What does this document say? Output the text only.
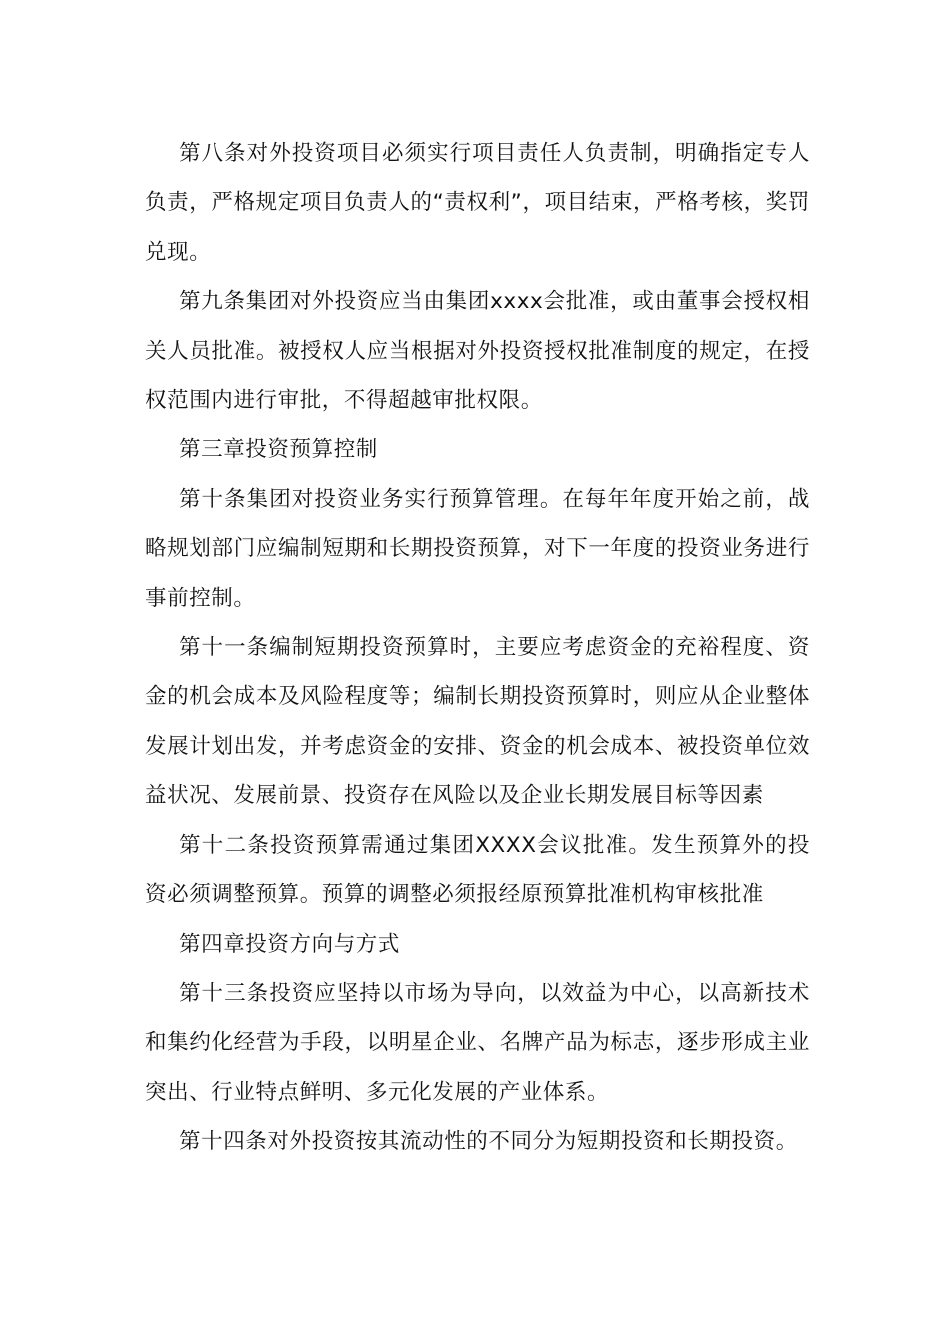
第八条对外投资项目必须实行项目责任人负责制，明确指定专人负责，严格规定项目负责人的“责权利”，项目结束，严格考核，奖罚兑现。

第九条集团对外投资应当由集团xxxx会批准，或由董事会授权相关人员批准。被授权人应当根据对外投资授权批准制度的规定，在授权范围内进行审批，不得超越审批权限。

第三章投资预算控制

第十条集团对投资业务实行预算管理。在每年年度开始之前，战略规划部门应编制短期和长期投资预算，对下一年度的投资业务进行事前控制。

第十一条编制短期投资预算时，主要应考虑资金的充裕程度、资金的机会成本及风险程度等；编制长期投资预算时，则应从企业整体发展计划出发，并考虑资金的安排、资金的机会成本、被投资单位效益状况、发展前景、投资存在风险以及企业长期发展目标等因素

第十二条投资预算需通过集团XXXX会议批准。发生预算外的投资必须调整预算。预算的调整必须报经原预算批准机构审核批准

第四章投资方向与方式

第十三条投资应坚持以市场为导向，以效益为中心，以高新技术和集约化经营为手段，以明星企业、名牌产品为标志，逐步形成主业突出、行业特点鲜明、多元化发展的产业体系。

第十四条对外投资按其流动性的不同分为短期投资和长期投资。
